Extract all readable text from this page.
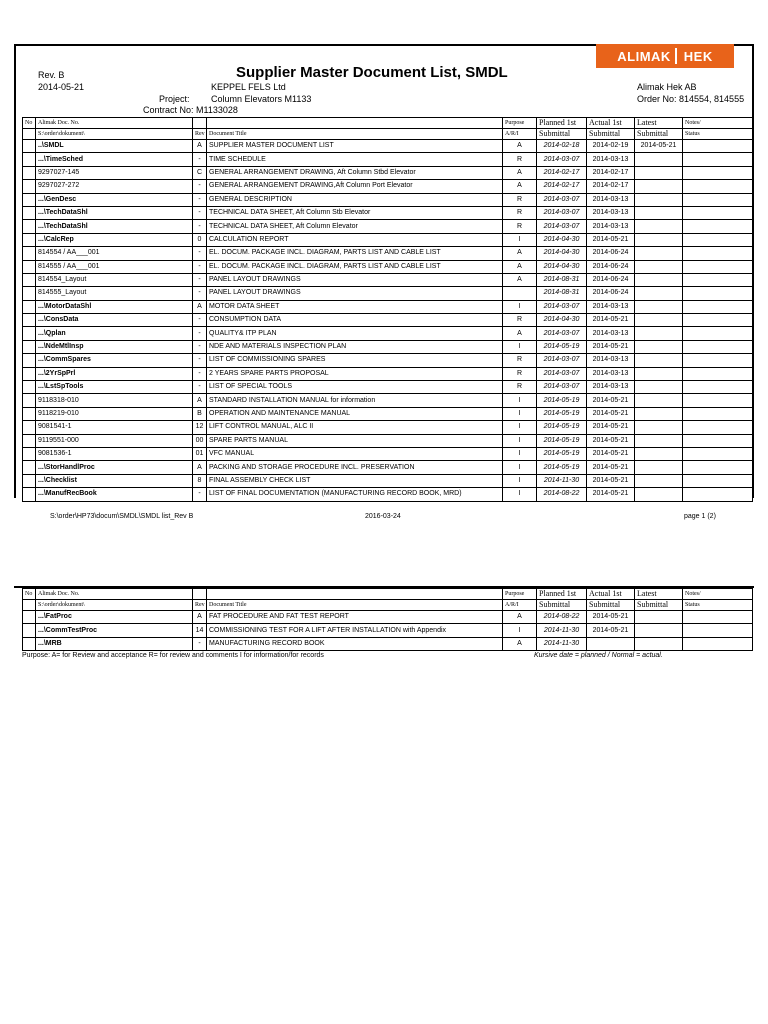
ALIMAK HEK
Rev. B
2014-05-21
Supplier Master Document List, SMDL
KEPPEL FELS Ltd
Project: Column Elevators M1133
Contract No: M1133028
Alimak Hek AB
Order No: 814554, 814555
No	Alimak Doc. No.			Purpose	Planned 1st	Actual 1st	Latest	Notes/
	S:\order\dokument\	Rev	Document Title	A/R/I	Submittal	Submittal	Submittal	Status
	..\SMDL	A	SUPPLIER MASTER DOCUMENT LIST	A	2014-02-18	2014-02-19	2014-05-21	
	...\TimeSched	-	TIME SCHEDULE	R	2014-03-07	2014-03-13		
	9297027-145	C	GENERAL ARRANGEMENT DRAWING, Aft Column Stbd Elevator	A	2014-02-17	2014-02-17		
	9297027-272	-	GENERAL ARRANGEMENT DRAWING,Aft Column Port Elevator	A	2014-02-17	2014-02-17		
	...\GenDesc	-	GENERAL DESCRIPTION	R	2014-03-07	2014-03-13		
	...\TechDataShl	-	TECHNICAL DATA SHEET, Aft Column Stb Elevator	R	2014-03-07	2014-03-13		
	...\TechDataShl	-	TECHNICAL DATA SHEET, Aft Column Elevator	R	2014-03-07	2014-03-13		
	...\CalcRep	0	CALCULATION REPORT	I	2014-04-30	2014-05-21		
	814554 / AA___001	-	EL. DOCUM. PACKAGE INCL. DIAGRAM, PARTS LIST AND CABLE LIST	A	2014-04-30	2014-06-24		
	814555 / AA___001	-	EL. DOCUM. PACKAGE INCL. DIAGRAM, PARTS LIST AND CABLE LIST	A	2014-04-30	2014-06-24		
	814554_Layout	-	PANEL LAYOUT DRAWINGS	A	2014-08-31	2014-06-24		
	814555_Layout	-	PANEL LAYOUT DRAWINGS		2014-08-31	2014-06-24		
	...\MotorDataShl	A	MOTOR DATA SHEET	I	2014-03-07	2014-03-13		
	...\ConsData	-	CONSUMPTION DATA	R	2014-04-30	2014-05-21		
	...\Qplan	-	QUALITY& ITP PLAN	A	2014-03-07	2014-03-13		
	...\NdeMtlInsp	-	NDE AND MATERIALS INSPECTION PLAN	I	2014-05-19	2014-05-21		
	...\CommSpares	-	LIST OF COMMISSIONING SPARES	R	2014-03-07	2014-03-13		
	...\2YrSpPrl	-	2 YEARS SPARE PARTS PROPOSAL	R	2014-03-07	2014-03-13		
	...\LstSpTools	-	LIST OF SPECIAL TOOLS	R	2014-03-07	2014-03-13		
	9118318-010	A	STANDARD INSTALLATION MANUAL for information	I	2014-05-19	2014-05-21		
	9118219-010	B	OPERATION AND MAINTENANCE MANUAL	I	2014-05-19	2014-05-21		
	9081541-1	12	LIFT CONTROL MANUAL, ALC II	I	2014-05-19	2014-05-21		
	9119551-000	00	SPARE PARTS MANUAL	I	2014-05-19	2014-05-21		
	9081536-1	01	VFC MANUAL	I	2014-05-19	2014-05-21		
	...\StorHandlProc	A	PACKING AND STORAGE PROCEDURE INCL. PRESERVATION	I	2014-05-19	2014-05-21		
	...\Checklist	8	FINAL ASSEMBLY CHECK LIST	I	2014-11-30	2014-05-21		
	...\ManufRecBook	-	LIST OF FINAL DOCUMENTATION (MANUFACTURING RECORD BOOK, MRD)	I	2014-08-22	2014-05-21		
S:\order\HP73\docum\SMDL\SMDL list_Rev B	2016-03-24	page 1 (2)
No	Alimak Doc. No.			Purpose	Planned 1st	Actual 1st	Latest	Notes/
	S:\order\dokument\	Rev	Document Title	A/R/I	Submittal	Submittal	Submittal	Status
	...\FatProc	A	FAT PROCEDURE AND FAT TEST REPORT	A	2014-08-22	2014-05-21		
	...\CommTestProc	14	COMMISSIONING TEST FOR A LIFT AFTER INSTALLATION with Appendix	I	2014-11-30	2014-05-21		
	...\MRB	-	MANUFACTURING RECORD BOOK	A	2014-11-30			
Purpose: A= for Review and acceptance R= for review and comments I for information/for records	Kursive date = planned / Normal = actual.
